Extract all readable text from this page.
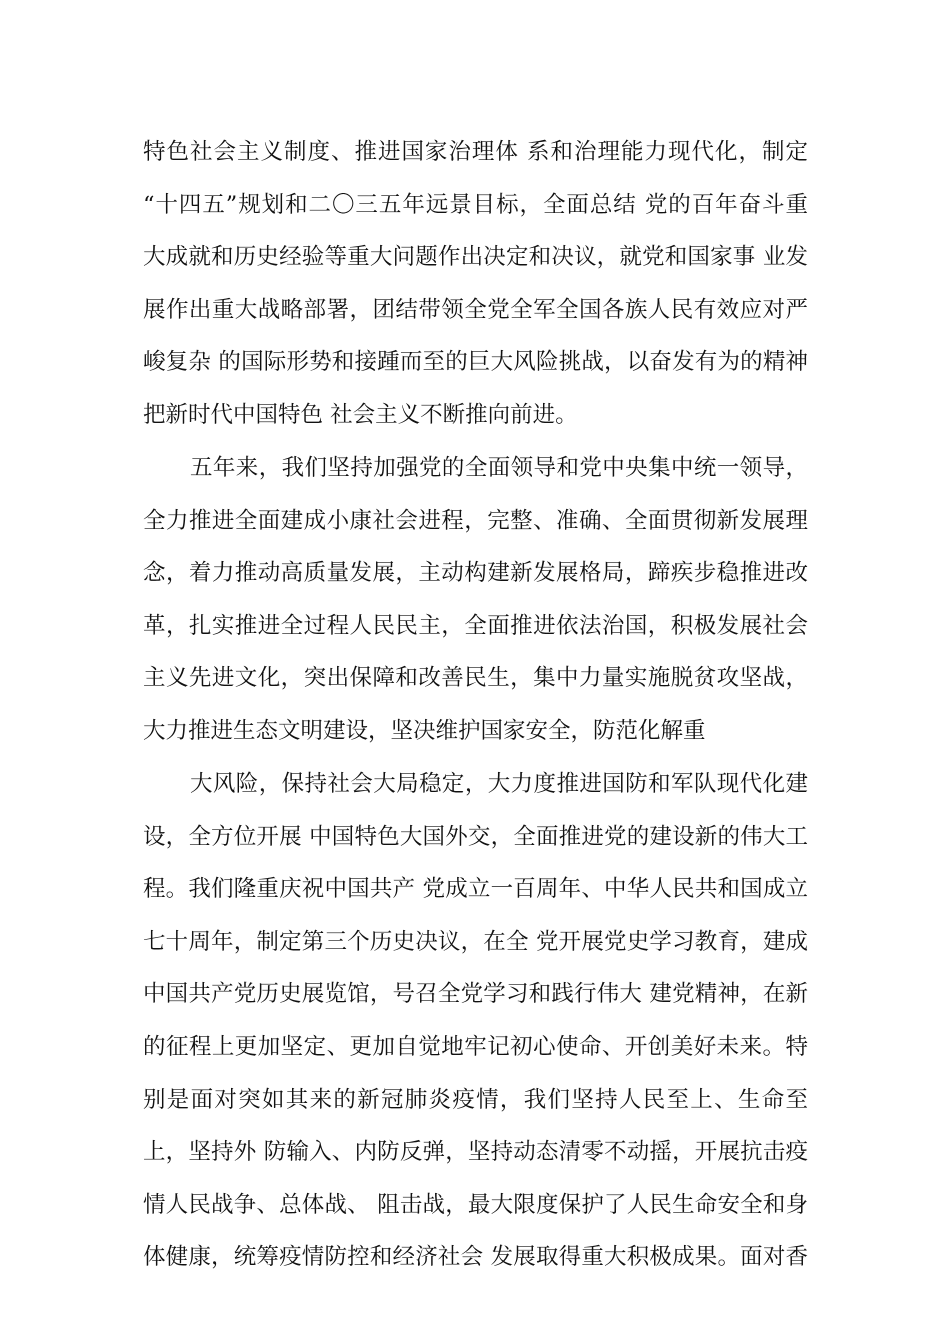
特色社会主义制度、推进国家治理体 系和治理能力现代化，制定
“十四五”规划和二〇三五年远景目标，全面总结 党的百年奋斗重
大成就和历史经验等重大问题作出决定和决议，就党和国家事 业发
展作出重大战略部署，团结带领全党全军全国各族人民有效应对严
峻复杂 的国际形势和接踵而至的巨大风险挑战，以奋发有为的精神
把新时代中国特色 社会主义不断推向前进。
五年来，我们坚持加强党的全面领导和党中央集中统一领导，
全力推进全面建成小康社会进程，完整、准确、全面贯彻新发展理
念，着力推动高质量发展，主动构建新发展格局，蹄疾步稳推进改
革，扎实推进全过程人民民主，全面推进依法治国，积极发展社会
主义先进文化，突出保障和改善民生，集中力量实施脱贫攻坚战，
大力推进生态文明建设，坚决维护国家安全，防范化解重
大风险，保持社会大局稳定，大力度推进国防和军队现代化建
设，全方位开展 中国特色大国外交，全面推进党的建设新的伟大工
程。我们隆重庆祝中国共产 党成立一百周年、中华人民共和国成立
七十周年，制定第三个历史决议，在全 党开展党史学习教育，建成
中国共产党历史展览馆，号召全党学习和践行伟大 建党精神，在新
的征程上更加坚定、更加自觉地牢记初心使命、开创美好未来。特
别是面对突如其来的新冠肺炎疫情，我们坚持人民至上、生命至
上，坚持外 防输入、内防反弹，坚持动态清零不动摇，开展抗击疫
情人民战争、总体战、 阻击战，最大限度保护了人民生命安全和身
体健康，统筹疫情防控和经济社会 发展取得重大积极成果。面对香
